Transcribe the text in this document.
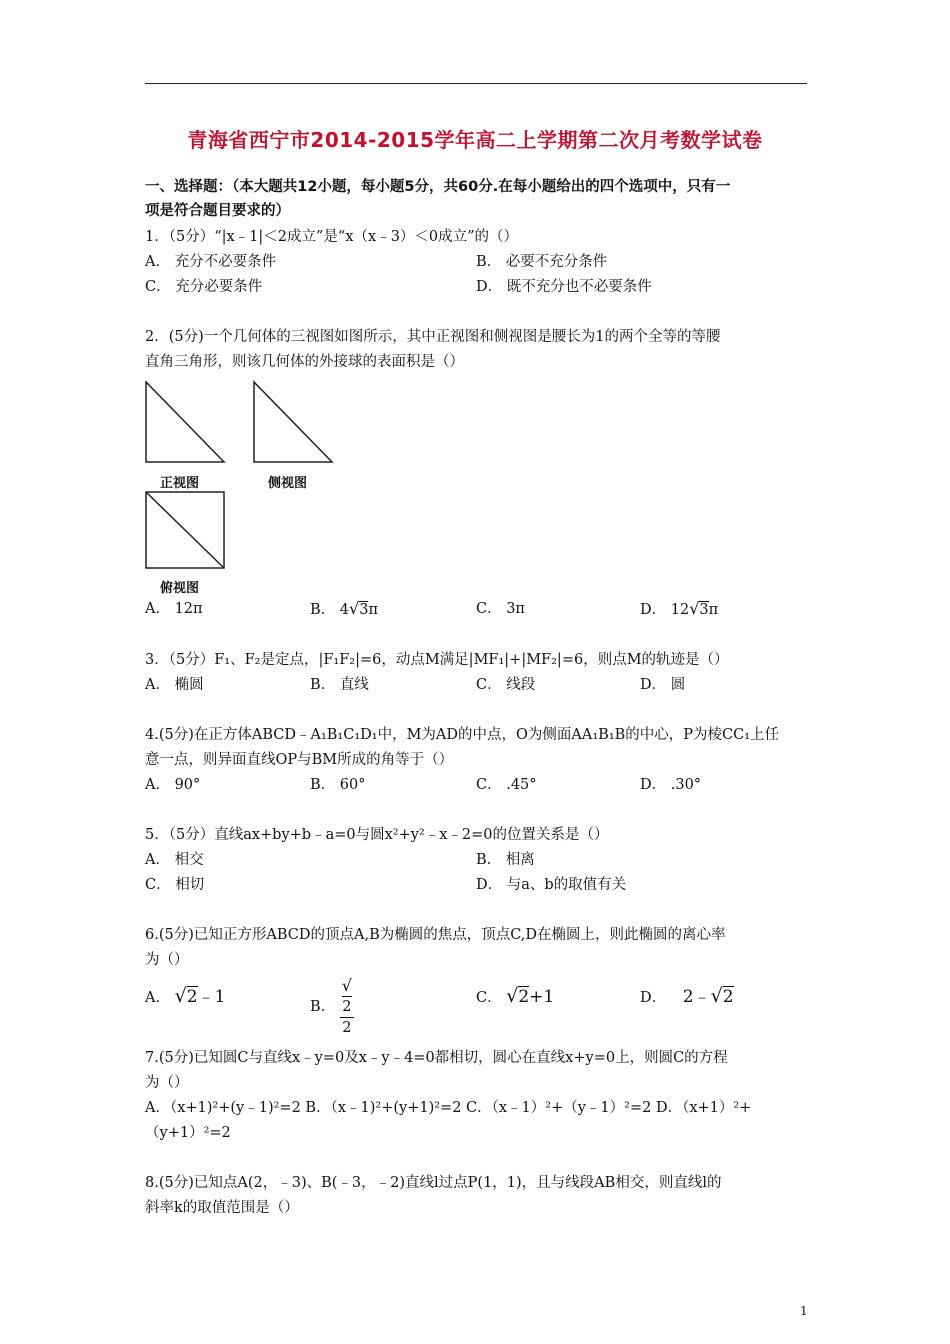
青海省西宁市2014-2015学年高二上学期第二次月考数学试卷
一、选择题：（本大题共12小题，每小题5分，共60分.在每小题给出的四个选项中，只有一
项是符合题目要求的）
1．（5分）“|x﹣1|＜2成立”是“x（x﹣3）＜0成立”的（）
A． 充分不必要条件	B． 必要不充分条件
C． 充分必要条件	D． 既不充分也不必要条件
2．(5分)一个几何体的三视图如图所示，其中正视图和侧视图是腰长为1的两个全等的等腰
直角三角形，则该几何体的外接球的表面积是（）
正视图	侧视图
俯视图
A． 12π	B． 4√3π	C． 3π	D． 12√3π
3．（5分）F₁、F₂是定点，|F₁F₂|=6，动点M满足|MF₁|+|MF₂|=6，则点M的轨迹是（）
A． 椭圆	B． 直线	C． 线段	D． 圆
4.(5分)在正方体ABCD﹣A₁B₁C₁D₁中，M为AD的中点，O为侧面AA₁B₁B的中心，P为棱CC₁上任
意一点，则异面直线OP与BM所成的角等于（）
A． 90°	B． 60°	C． .45°	D． .30°
5．（5分）直线ax+by+b﹣a=0与圆x²+y²﹣x﹣2=0的位置关系是（）
A． 相交	B． 相离
C． 相切	D． 与a、b的取值有关
6.(5分)已知正方形ABCD的顶点A,B为椭圆的焦点，顶点C,D在椭圆上，则此椭圆的离心率
为（）
A． √2﹣1	B． √
2
2	C． √2+1	D． 2﹣√2
7.(5分)已知圆C与直线x﹣y=0及x﹣y﹣4=0都相切，圆心在直线x+y=0上，则圆C的方程
为（）
A．（x+1)²+(y﹣1)²=2 B．（x﹣1)²+(y+1)²=2 C．（x﹣1）²+（y﹣1）²=2 D．（x+1）²+
（y+1）²=2
8.(5分)已知点A(2，﹣3)、B(﹣3，﹣2)直线l过点P(1，1)，且与线段AB相交，则直线l的
斜率k的取值范围是（）
1
